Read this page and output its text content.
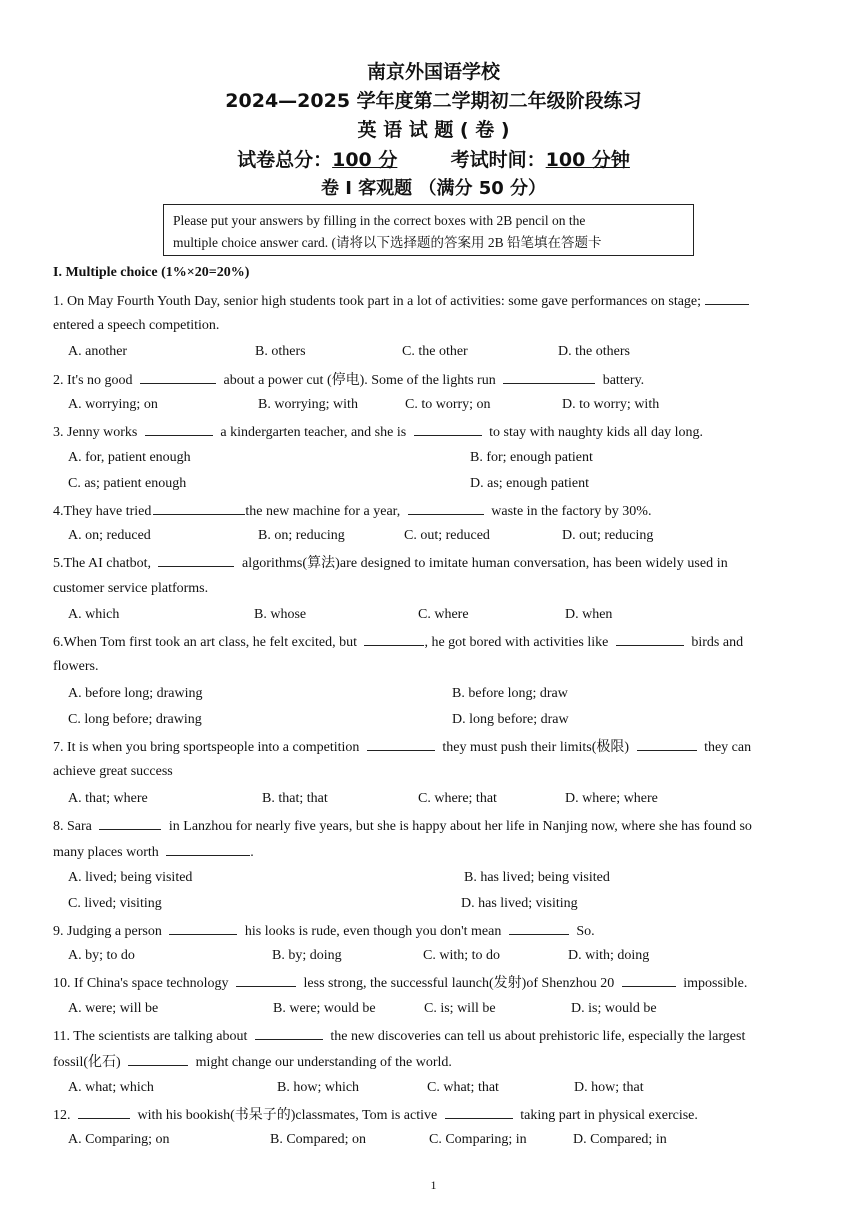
南京外国语学校
2024—2025 学年度第二学期初二年级阶段练习
英 语 试 题 ( 卷 )
试卷总分：100 分	考试时间：100 分钟
卷 I 客观题 （满分 50 分）
Please put your answers by filling in the correct boxes with 2B pencil on the
multiple choice answer card. (请将以下选择题的答案用 2B 铅笔填在答题卡
I. Multiple choice (1%×20=20%)
1. On May Fourth Youth Day, senior high students took part in a lot of activities: some gave performances on stage;
entered a speech competition.
A. another	B. others	C. the other	D. the others
2. It's no good	about a power cut (停电). Some of the lights run	battery.
A. worrying; on	B. worrying; with	C. to worry; on	D. to worry; with
3. Jenny works	a kindergarten teacher, and she is	to stay with naughty kids all day long.
A. for, patient enough	B. for; enough patient
C. as; patient enough	D. as; enough patient
4.They have tried	the new machine for a year,	waste in the factory by 30%.
A. on; reduced	B. on; reducing	C. out; reduced	D. out; reducing
5.The AI chatbot,	algorithms(算法)are designed to imitate human conversation, has been widely used in
customer service platforms.
A. which	B. whose	C. where	D. when
6.When Tom first took an art class, he felt excited, but	, he got bored with activities like	birds and
flowers.
A. before long; drawing	B. before long; draw
C. long before; drawing	D. long before; draw
7. It is when you bring sportspeople into a competition	they must push their limits(极限)	they can
achieve great success
A. that; where	B. that; that	C. where; that	D. where; where
8. Sara	in Lanzhou for nearly five years, but she is happy about her life in Nanjing now, where she has found so
many places worth	.
A. lived; being visited	B. has lived; being visited
C. lived; visiting	D. has lived; visiting
9. Judging a person	his looks is rude, even though you don't mean	So.
A. by; to do	B. by; doing	C. with; to do	D. with; doing
10. If China's space technology	less strong, the successful launch(发射)of Shenzhou 20	impossible.
A. were; will be	B. were; would be	C. is; will be	D. is; would be
11. The scientists are talking about	the new discoveries can tell us about prehistoric life, especially the largest
fossil(化石)	might change our understanding of the world.
A. what; which	B. how; which	C. what; that	D. how; that
12.	with his bookish(书呆子的)classmates, Tom is active	taking part in physical exercise.
A. Comparing; on	B. Compared; on	C. Comparing; in	D. Compared; in
1
